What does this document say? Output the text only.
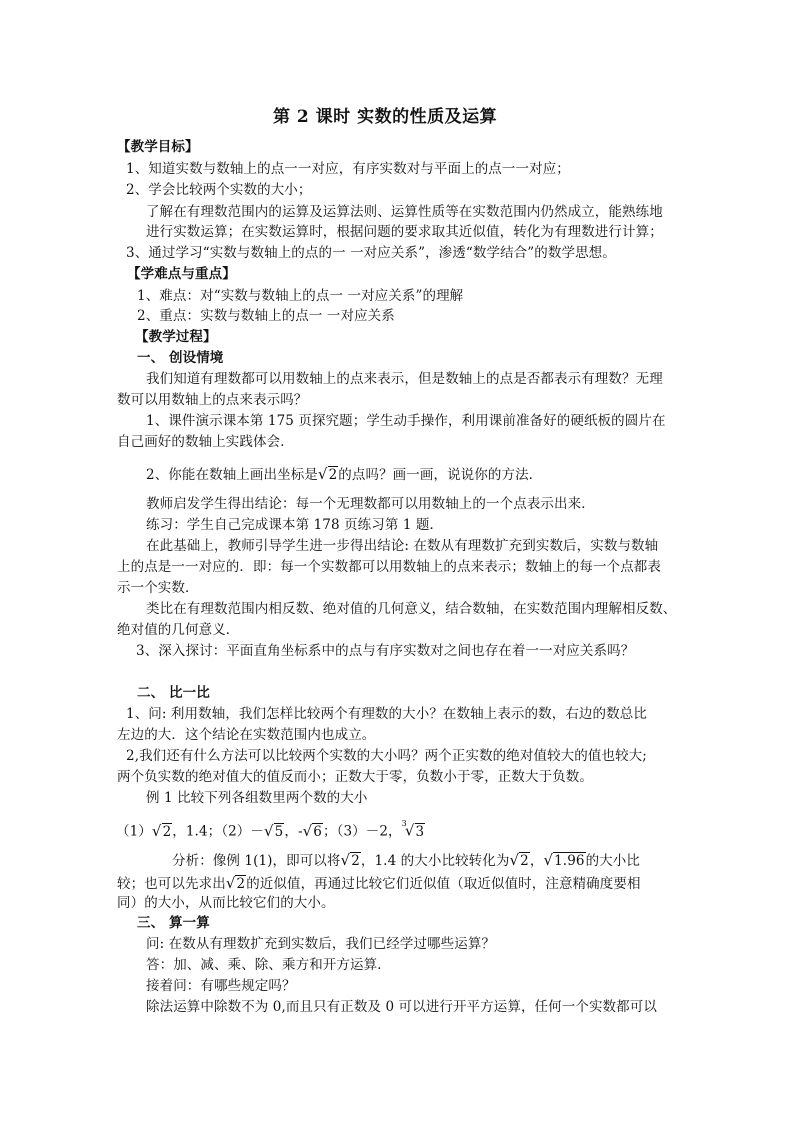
第 2 课时 实数的性质及运算
【教学目标】
1、知道实数与数轴上的点一一对应，有序实数对与平面上的点一一对应；
2、学会比较两个实数的大小；
了解在有理数范围内的运算及运算法则、运算性质等在实数范围内仍然成立，能熟练地
进行实数运算；在实数运算时，根据问题的要求取其近似值，转化为有理数进行计算；
3、通过学习“实数与数轴上的点的一 一对应关系”，渗透“数学结合”的数学思想。
【学难点与重点】
1、难点：对“实数与数轴上的点一 一对应关系”的理解
2、重点：实数与数轴上的点一 一对应关系
【教学过程】
一、 创设情境
我们知道有理数都可以用数轴上的点来表示，但是数轴上的点是否都表示有理数？无理
数可以用数轴上的点来表示吗？
1、课件演示课本第 175 页探究题；学生动手操作，利用课前准备好的硬纸板的圆片在
自己画好的数轴上实践体会．
2、你能在数轴上画出坐标是√2的点吗？画一画，说说你的方法．
教师启发学生得出结论：每一个无理数都可以用数轴上的一个点表示出来．
练习：学生自己完成课本第 178 页练习第 1 题．
在此基础上，教师引导学生进一步得出结论: 在数从有理数扩充到实数后，实数与数轴
上的点是一一对应的．即：每一个实数都可以用数轴上的点来表示；数轴上的每一个点都表
示一个实数．
类比在有理数范围内相反数、绝对值的几何意义，结合数轴，在实数范围内理解相反数、
绝对值的几何意义．
3、深入探讨：平面直角坐标系中的点与有序实数对之间也存在着一一对应关系吗？
二、 比一比
1、问: 利用数轴，我们怎样比较两个有理数的大小？在数轴上表示的数，右边的数总比
左边的大．这个结论在实数范围内也成立。
2,我们还有什么方法可以比较两个实数的大小吗？两个正实数的绝对值较大的值也较大;
两个负实数的绝对值大的值反而小；正数大于零，负数小于零，正数大于负数。
例 1 比较下列各组数里两个数的大小
（1）√2，1.4；（2）－√5，-√6；（3）－2，$^3$√3
分析：像例 1(1)，即可以将√2，1.4 的大小比较转化为√2，√1.96的大小比
较；也可以先求出√2的近似值，再通过比较它们近似值（取近似值时，注意精确度要相
同）的大小，从而比较它们的大小。
三、 算一算
问: 在数从有理数扩充到实数后，我们已经学过哪些运算？
答：加、减、乘、除、乘方和开方运算．
接着问：有哪些规定吗？
除法运算中除数不为 0,而且只有正数及 0 可以进行开平方运算，任何一个实数都可以
